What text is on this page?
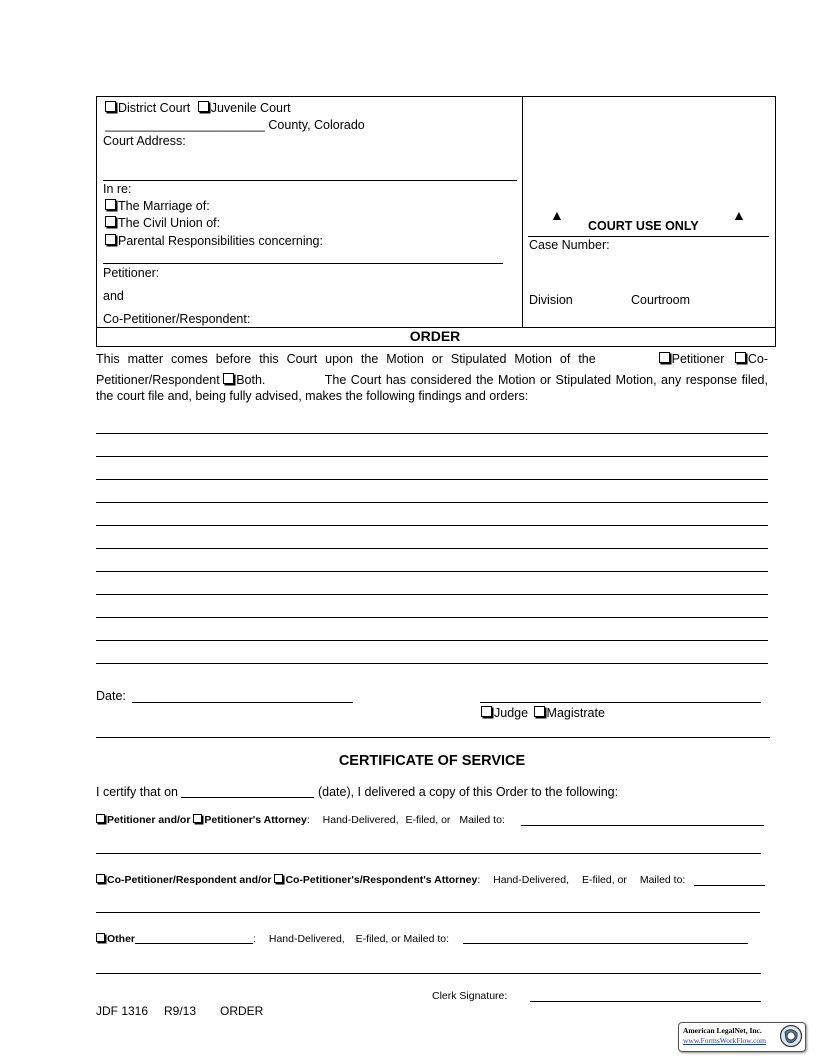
District Court Juvenile Court
_______________________ County, Colorado
Court Address:
In re:
The Marriage of:
The Civil Union of:
Parental Responsibilities concerning:
Petitioner:
and
Co-Petitioner/Respondent:
▲
COURT USE ONLY
▲
Case Number:
Division	Courtroom
ORDER
This matter comes before this Court upon the Motion or Stipulated Motion of the	Petitioner Co-
Petitioner/Respondent Both.	The Court has considered the Motion or Stipulated Motion, any response filed,
the court file and, being fully advised, makes the following findings and orders:
Date:
Judge Magistrate
CERTIFICATE OF SERVICE
I certify that on	(date), I delivered a copy of this Order to the following:
Petitioner and/or Petitioner's Attorney: Hand-Delivered, E-filed, or Mailed to:
Co-Petitioner/Respondent and/or Co-Petitioner's/Respondent's Attorney: Hand-Delivered, E-filed, or Mailed to:
Other	: Hand-Delivered, E-filed, or Mailed to:
Clerk Signature:
JDF 1316 R9/13 ORDER
American LegalNet, Inc.
www.FormsWorkFlow.com
